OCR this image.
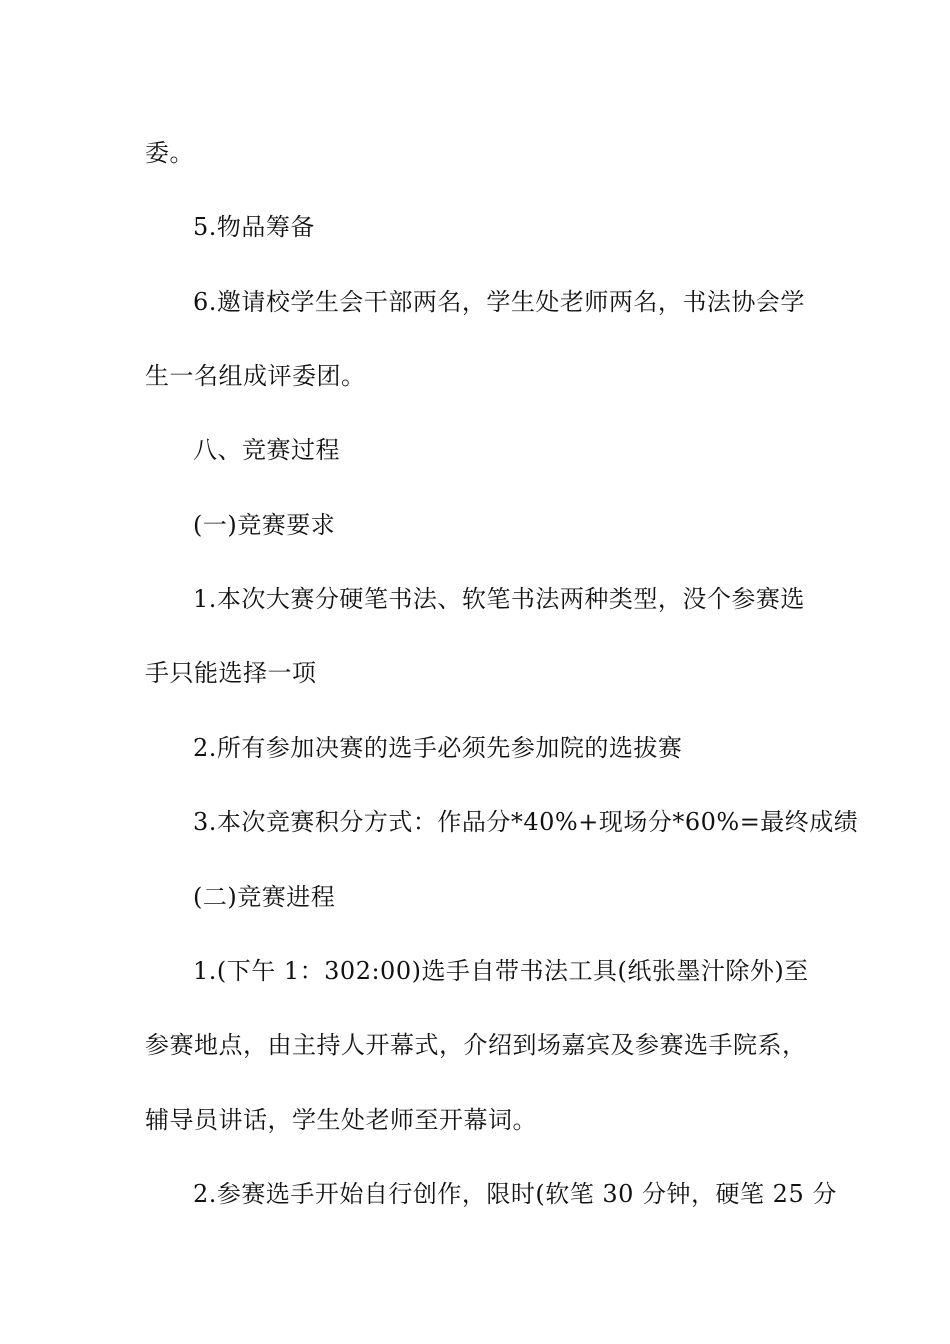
委。
5.物品筹备
6.邀请校学生会干部两名，学生处老师两名，书法协会学
生一名组成评委团。
八、竞赛过程
(一)竞赛要求
1.本次大赛分硬笔书法、软笔书法两种类型，没个参赛选
手只能选择一项
2.所有参加决赛的选手必须先参加院的选拔赛
3.本次竞赛积分方式：作品分*40%+现场分*60%=最终成绩
(二)竞赛进程
1.(下午 1：302:00)选手自带书法工具(纸张墨汁除外)至
参赛地点，由主持人开幕式，介绍到场嘉宾及参赛选手院系，
辅导员讲话，学生处老师至开幕词。
2.参赛选手开始自行创作，限时(软笔 30 分钟，硬笔 25 分
